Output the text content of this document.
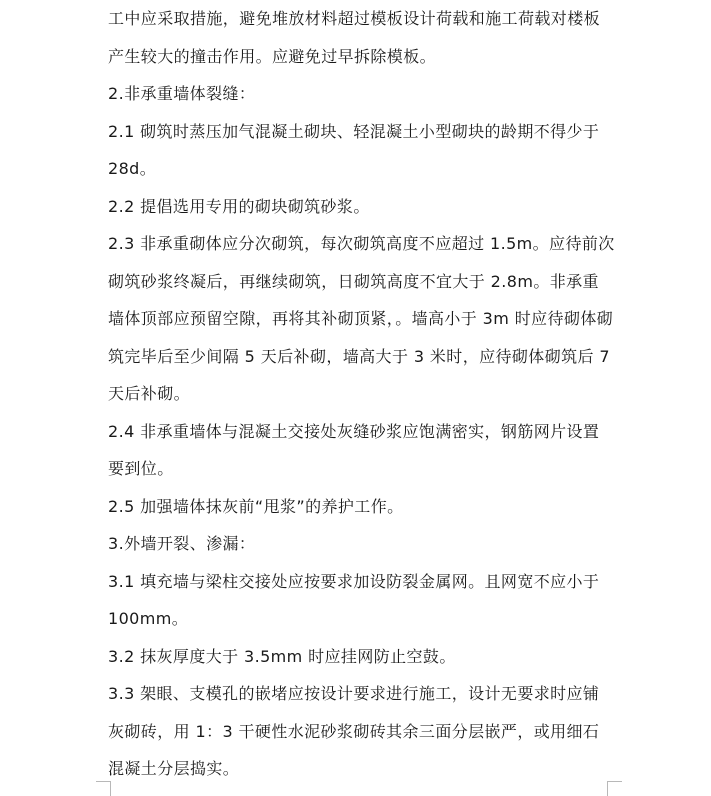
工中应采取措施，避免堆放材料超过模板设计荷载和施工荷载对楼板
产生较大的撞击作用。应避免过早拆除模板。
2.非承重墙体裂缝：
2.1 砌筑时蒸压加气混凝土砌块、轻混凝土小型砌块的龄期不得少于
28d。
2.2 提倡选用专用的砌块砌筑砂浆。
2.3 非承重砌体应分次砌筑，每次砌筑高度不应超过 1.5m。应待前次
砌筑砂浆终凝后，再继续砌筑，日砌筑高度不宜大于 2.8m。非承重
墙体顶部应预留空隙，再将其补砌顶紧，。墙高小于 3m 时应待砌体砌
筑完毕后至少间隔 5 天后补砌，墙高大于 3 米时，应待砌体砌筑后 7
天后补砌。
2.4 非承重墙体与混凝土交接处灰缝砂浆应饱满密实，钢筋网片设置
要到位。
2.5 加强墙体抹灰前“甩浆”的养护工作。
3.外墙开裂、渗漏：
3.1 填充墙与梁柱交接处应按要求加设防裂金属网。且网宽不应小于
100mm。
3.2 抹灰厚度大于 3.5mm 时应挂网防止空鼓。
3.3 架眼、支模孔的嵌堵应按设计要求进行施工，设计无要求时应铺
灰砌砖，用 1：3 干硬性水泥砂浆砌砖其余三面分层嵌严，或用细石
混凝土分层捣实。
